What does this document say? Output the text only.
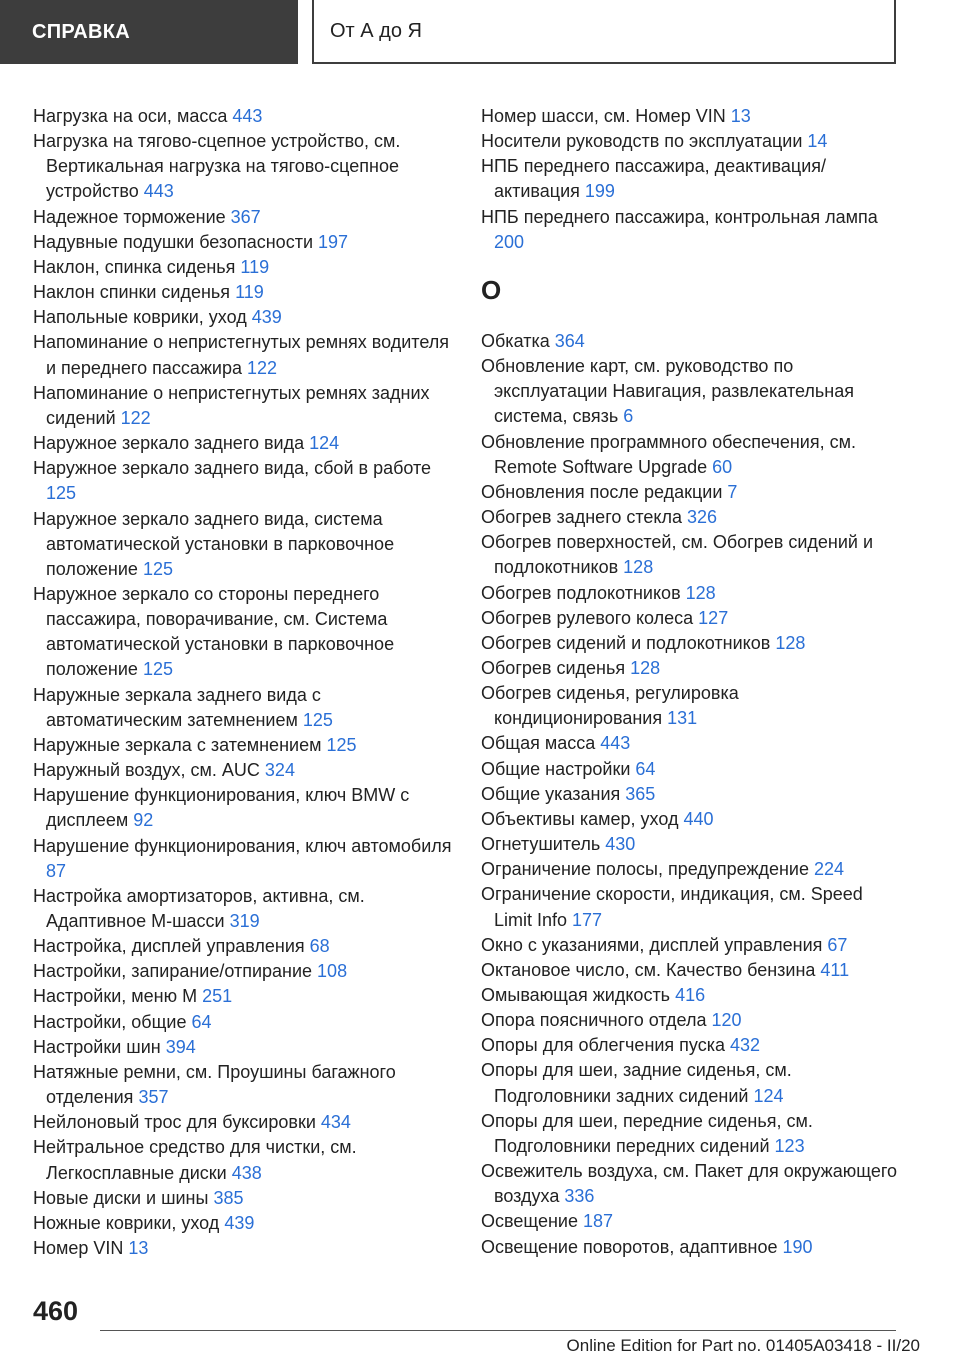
СПРАВКА	От А до Я
Нагрузка на оси, масса 443
Нагрузка на тягово-сцепное устройство, см. Вертикальная нагрузка на тягово-сцепное устройство 443
Надежное торможение 367
Надувные подушки безопасности 197
Наклон, спинка сиденья 119
Наклон спинки сиденья 119
Напольные коврики, уход 439
Напоминание о непристегнутых ремнях водителя и переднего пассажира 122
Напоминание о непристегнутых ремнях задних сидений 122
Наружное зеркало заднего вида 124
Наружное зеркало заднего вида, сбой в работе 125
Наружное зеркало заднего вида, система автоматической установки в парковочное положение 125
Наружное зеркало со стороны переднего пассажира, поворачивание, см. Система автоматической установки в парковочное положение 125
Наружные зеркала заднего вида с автоматическим затемнением 125
Наружные зеркала с затемнением 125
Наружный воздух, см. AUC 324
Нарушение функционирования, ключ BMW с дисплеем 92
Нарушение функционирования, ключ автомобиля 87
Настройка амортизаторов, активна, см. Адаптивное M-шасси 319
Настройка, дисплей управления 68
Настройки, запирание/отпирание 108
Настройки, меню M 251
Настройки, общие 64
Настройки шин 394
Натяжные ремни, см. Проушины багажного отделения 357
Нейлоновый трос для буксировки 434
Нейтральное средство для чистки, см. Легкосплавные диски 438
Новые диски и шины 385
Ножные коврики, уход 439
Номер VIN 13
Номер шасси, см. Номер VIN 13
Носители руководств по эксплуатации 14
НПБ переднего пассажира, деактивация/активация 199
НПБ переднего пассажира, контрольная лампа 200
O
Обкатка 364
Обновление карт, см. руководство по эксплуатации Навигация, развлекательная система, связь 6
Обновление программного обеспечения, см. Remote Software Upgrade 60
Обновления после редакции 7
Обогрев заднего стекла 326
Обогрев поверхностей, см. Обогрев сидений и подлокотников 128
Обогрев подлокотников 128
Обогрев рулевого колеса 127
Обогрев сидений и подлокотников 128
Обогрев сиденья 128
Обогрев сиденья, регулировка кондиционирования 131
Общая масса 443
Общие настройки 64
Общие указания 365
Объективы камер, уход 440
Огнетушитель 430
Ограничение полосы, предупреждение 224
Ограничение скорости, индикация, см. Speed Limit Info 177
Окно с указаниями, дисплей управления 67
Октановое число, см. Качество бензина 411
Омывающая жидкость 416
Опора поясничного отдела 120
Опоры для облегчения пуска 432
Опоры для шеи, задние сиденья, см. Подголовники задних сидений 124
Опоры для шеи, передние сиденья, см. Подголовники передних сидений 123
Освежитель воздуха, см. Пакет для окружающего воздуха 336
Освещение 187
Освещение поворотов, адаптивное 190
460
Online Edition for Part no. 01405A03418 - II/20
